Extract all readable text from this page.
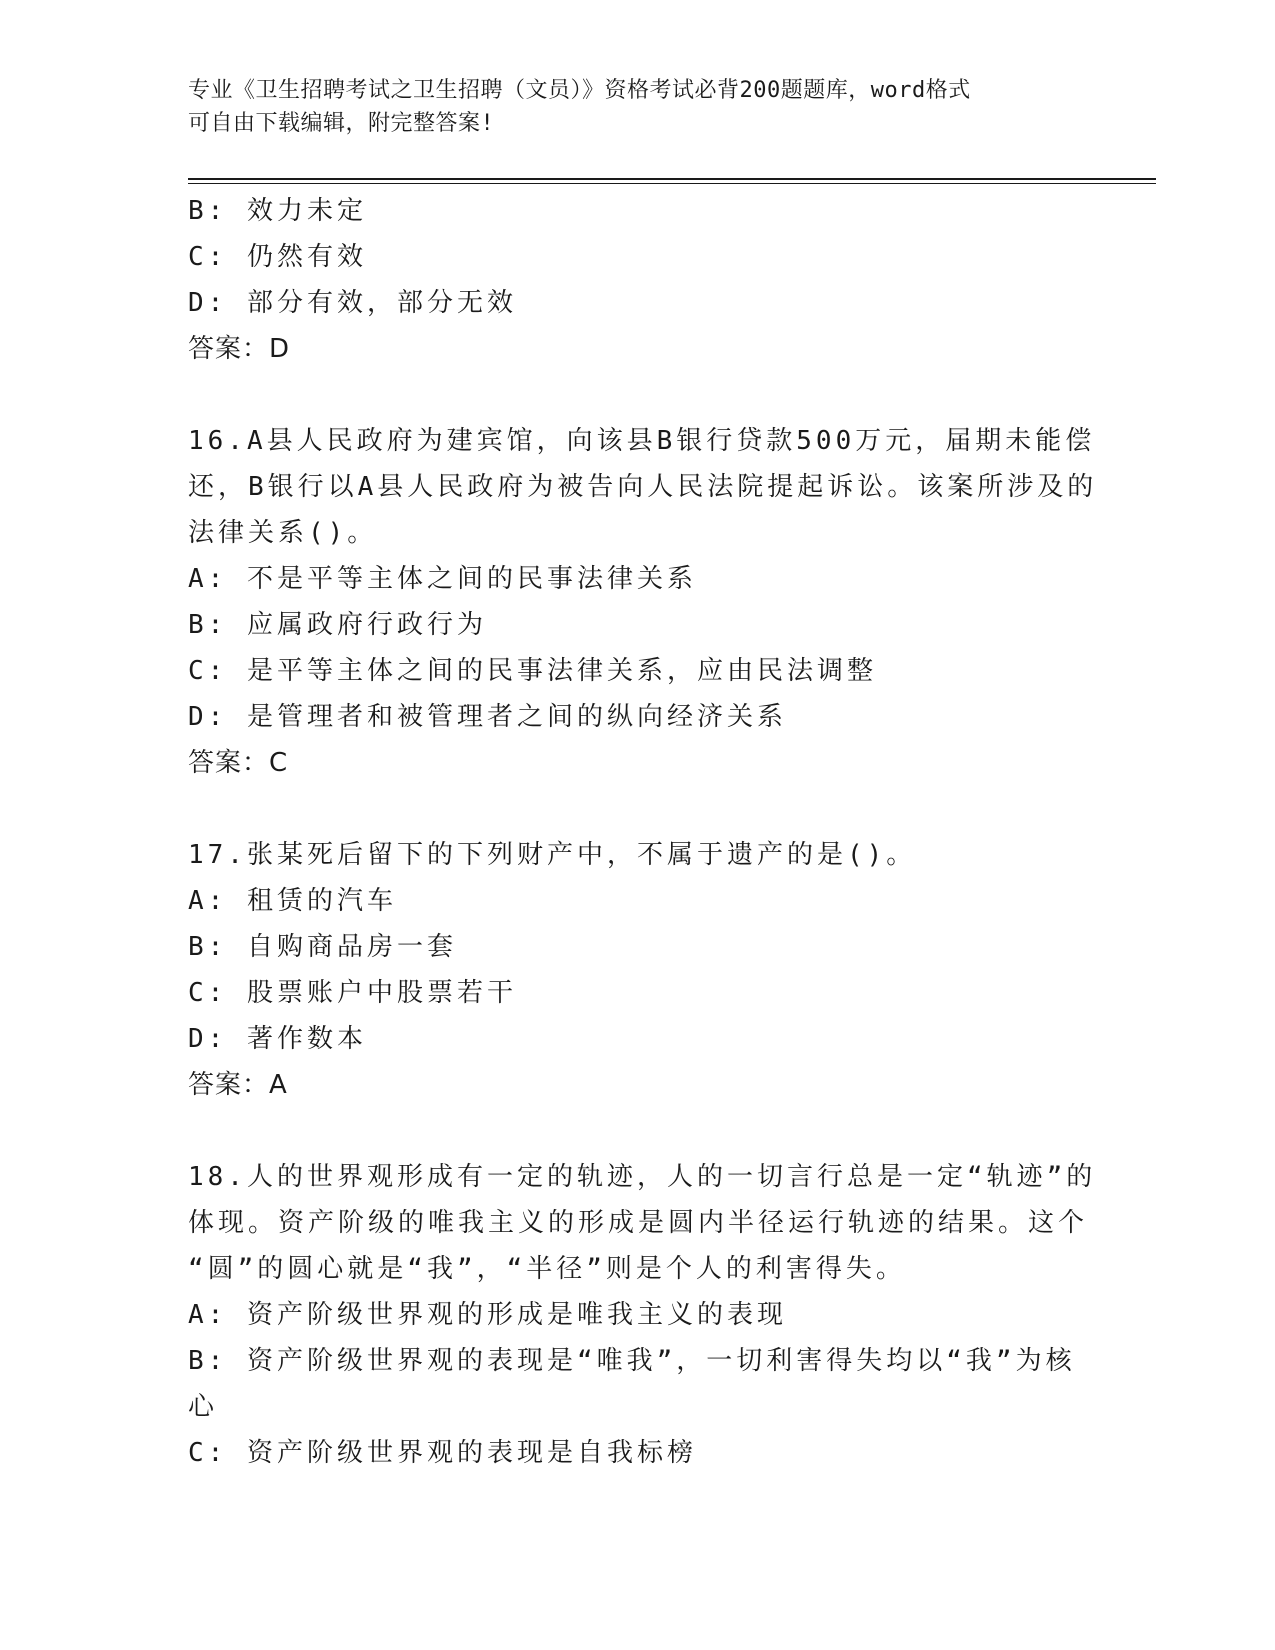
专业《卫生招聘考试之卫生招聘（文员）》资格考试必背200题题库，word格式
可自由下载编辑，附完整答案!
B: 效力未定
C: 仍然有效
D: 部分有效，部分无效
答案：D
16.A县人民政府为建宾馆，向该县B银行贷款500万元，届期未能偿
还，B银行以A县人民政府为被告向人民法院提起诉讼。该案所涉及的
法律关系()。
A: 不是平等主体之间的民事法律关系
B: 应属政府行政行为
C: 是平等主体之间的民事法律关系，应由民法调整
D: 是管理者和被管理者之间的纵向经济关系
答案：C
17.张某死后留下的下列财产中，不属于遗产的是()。
A: 租赁的汽车
B: 自购商品房一套
C: 股票账户中股票若干
D: 著作数本
答案：A
18.人的世界观形成有一定的轨迹，人的一切言行总是一定“轨迹”的
体现。资产阶级的唯我主义的形成是圆内半径运行轨迹的结果。这个
“圆”的圆心就是“我”，“半径”则是个人的利害得失。
A: 资产阶级世界观的形成是唯我主义的表现
B: 资产阶级世界观的表现是“唯我”，一切利害得失均以“我”为核
心
C: 资产阶级世界观的表现是自我标榜
